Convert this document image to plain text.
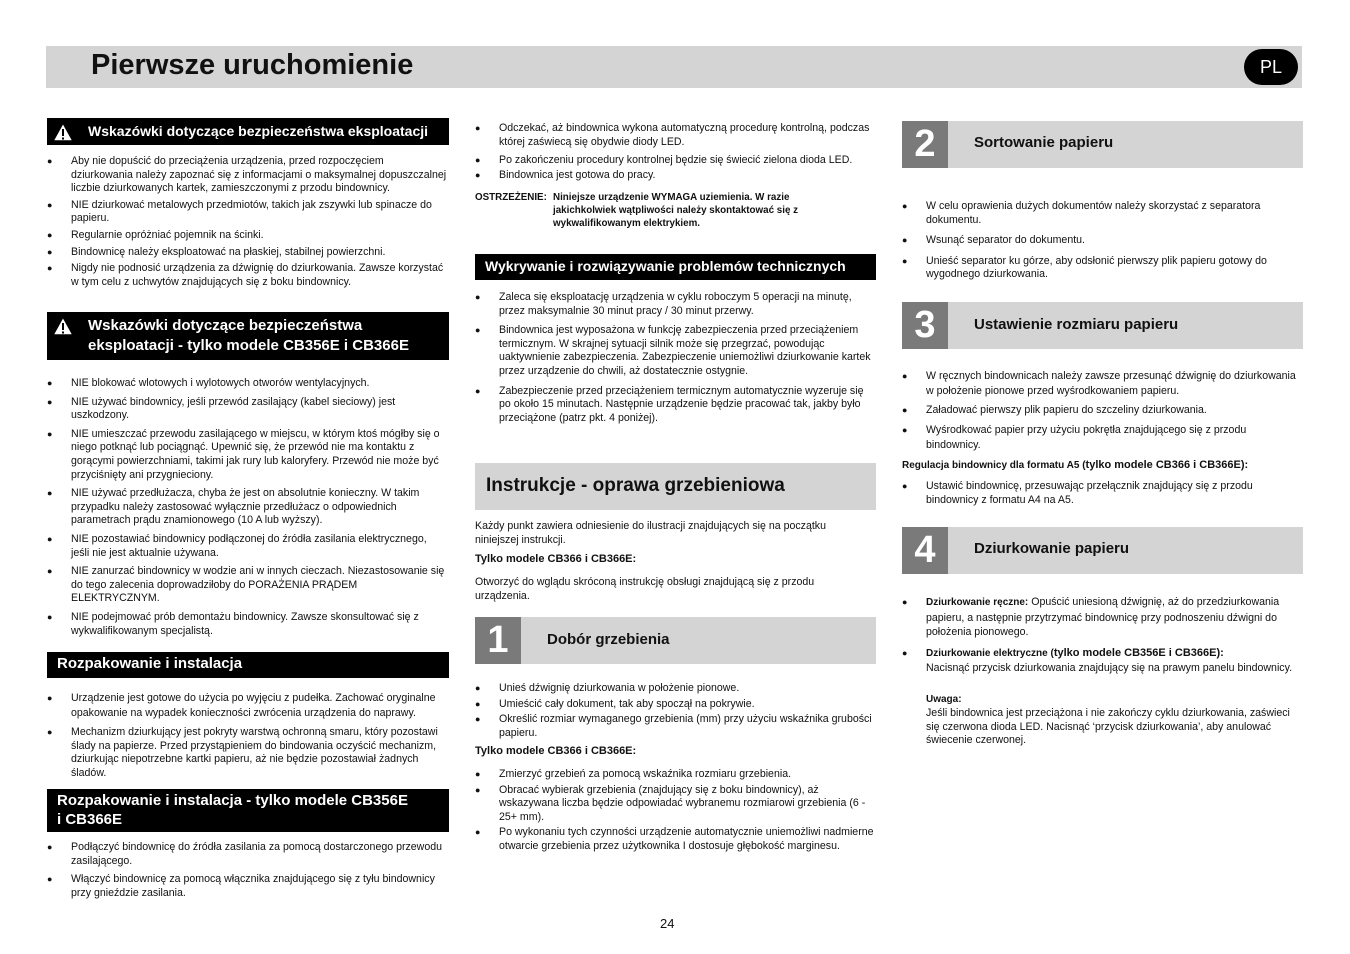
Pierwsze uruchomienie	PL
Wskazówki dotyczące bezpieczeństwa eksploatacji
● Aby nie dopuścić do przeciążenia urządzenia, przed rozpoczęciem dziurkowania należy zapoznać się z informacjami o maksymalnej dopuszczalnej liczbie dziurkowanych kartek, zamieszczonymi z przodu bindownicy.
● NIE dziurkować metalowych przedmiotów, takich jak zszywki lub spinacze do papieru.
● Regularnie opróżniać pojemnik na ścinki.
● Bindownicę należy eksploatować na płaskiej, stabilnej powierzchni.
● Nigdy nie podnosić urządzenia za dźwignię do dziurkowania. Zawsze korzystać w tym celu z uchwytów znajdujących się z boku bindownicy.
Wskazówki dotyczące bezpieczeństwa
eksploatacji - tylko modele CB356E i CB366E
● NIE blokować wlotowych i wylotowych otworów wentylacyjnych.
● NIE używać bindownicy, jeśli przewód zasilający (kabel sieciowy) jest uszkodzony.
● NIE umieszczać przewodu zasilającego w miejscu, w którym ktoś mógłby się o niego potknąć lub pociągnąć. Upewnić się, że przewód nie ma kontaktu z gorącymi powierzchniami, takimi jak rury lub kaloryfery. Przewód nie może być przyciśnięty ani przygnieciony.
● NIE używać przedłużacza, chyba że jest on absolutnie konieczny. W takim przypadku należy zastosować wyłącznie przedłużacz o odpowiednich parametrach prądu znamionowego (10 A lub wyższy).
● NIE pozostawiać bindownicy podłączonej do źródła zasilania elektrycznego, jeśli nie jest aktualnie używana.
● NIE zanurzać bindownicy w wodzie ani w innych cieczach. Niezastosowanie się do tego zalecenia doprowadziłoby do PORAŻENIA PRĄDEM ELEKTRYCZNYM.
● NIE podejmować prób demontażu bindownicy. Zawsze skonsultować się z wykwalifikowanym specjalistą.
Rozpakowanie i instalacja
● Urządzenie jest gotowe do użycia po wyjęciu z pudełka. Zachować oryginalne opakowanie na wypadek konieczności zwrócenia urządzenia do naprawy.
● Mechanizm dziurkujący jest pokryty warstwą ochronną smaru, który pozostawi ślady na papierze. Przed przystąpieniem do bindowania oczyścić mechanizm, dziurkując niepotrzebne kartki papieru, aż nie będzie pozostawiał żadnych śladów.
Rozpakowanie i instalacja - tylko modele CB356E
i CB366E
● Podłączyć bindownicę do źródła zasilania za pomocą dostarczonego przewodu zasilającego.
● Włączyć bindownicę za pomocą włącznika znajdującego się z tyłu bindownicy przy gnieździe zasilania.
● Odczekać, aż bindownica wykona automatyczną procedurę kontrolną, podczas której zaświecą się obydwie diody LED.
● Po zakończeniu procedury kontrolnej będzie się świecić zielona dioda LED.
● Bindownica jest gotowa do pracy.
OSTRZEŻENIE: Niniejsze urządzenie WYMAGA uziemienia. W razie jakichkolwiek wątpliwości należy skontaktować się z wykwalifikowanym elektrykiem.
Wykrywanie i rozwiązywanie problemów technicznych
● Zaleca się eksploatację urządzenia w cyklu roboczym 5 operacji na minutę, przez maksymalnie 30 minut pracy / 30 minut przerwy.
● Bindownica jest wyposażona w funkcję zabezpieczenia przed przeciążeniem termicznym. W skrajnej sytuacji silnik może się przegrzać, powodując uaktywnienie zabezpieczenia. Zabezpieczenie uniemożliwi dziurkowanie kartek przez urządzenie do chwili, aż dostatecznie ostygnie.
● Zabezpieczenie przed przeciążeniem termicznym automatycznie wyzeruje się po około 15 minutach. Następnie urządzenie będzie pracować tak, jakby było przeciążone (patrz pkt. 4 poniżej).
Instrukcje - oprawa grzebieniowa

Każdy punkt zawiera odniesienie do ilustracji znajdujących się na początku niniejszej instrukcji.

Tylko modele CB366 i CB366E:

Otworzyć do wglądu skróconą instrukcję obsługi znajdującą się z przodu urządzenia.

1	Dobór grzebienia
● Unieś dźwignię dziurkowania w położenie pionowe.
● Umieścić cały dokument, tak aby spoczął na pokrywie.
● Określić rozmiar wymaganego grzebienia (mm) przy użyciu wskaźnika grubości papieru.

Tylko modele CB366 i CB366E:

● Zmierzyć grzebień za pomocą wskaźnika rozmiaru grzebienia.
● Obracać wybierak grzebienia (znajdujący się z boku bindownicy), aż wskazywana liczba będzie odpowiadać wybranemu rozmiarowi grzebienia (6 - 25+ mm).
● Po wykonaniu tych czynności urządzenie automatycznie uniemożliwi nadmierne otwarcie grzebienia przez użytkownika I dostosuje głębokość marginesu.
2	Sortowanie papieru
● W celu oprawienia dużych dokumentów należy skorzystać z separatora dokumentu.
● Wsunąć separator do dokumentu.
● Unieść separator ku górze, aby odsłonić pierwszy plik papieru gotowy do wygodnego dziurkowania.
3	Ustawienie rozmiaru papieru
● W ręcznych bindownicach należy zawsze przesunąć dźwignię do dziurkowania w położenie pionowe przed wyśrodkowaniem papieru.
● Załadować pierwszy plik papieru do szczeliny dziurkowania.
● Wyśrodkować papier przy użyciu pokrętła znajdującego się z przodu bindownicy.

Regulacja bindownicy dla formatu A5 (tylko modele CB366 i CB366E):

● Ustawić bindownicę, przesuwając przełącznik znajdujący się z przodu bindownicy z formatu A4 na A5.
4	Dziurkowanie papieru
● Dziurkowanie ręczne: Opuścić uniesioną dźwignię, aż do przedziurkowania papieru, a następnie przytrzymać bindownicę przy podnoszeniu dźwigni do położenia pionowego.
● Dziurkowanie elektryczne (tylko modele CB356E i CB366E):
Nacisnąć przycisk dziurkowania znajdujący się na prawym panelu bindownicy.

Uwaga:

Jeśli bindownica jest przeciążona i nie zakończy cyklu dziurkowania, zaświeci się czerwona dioda LED. Nacisnąć ‘przycisk dziurkowania’, aby anulować świecenie czerwonej.

24
